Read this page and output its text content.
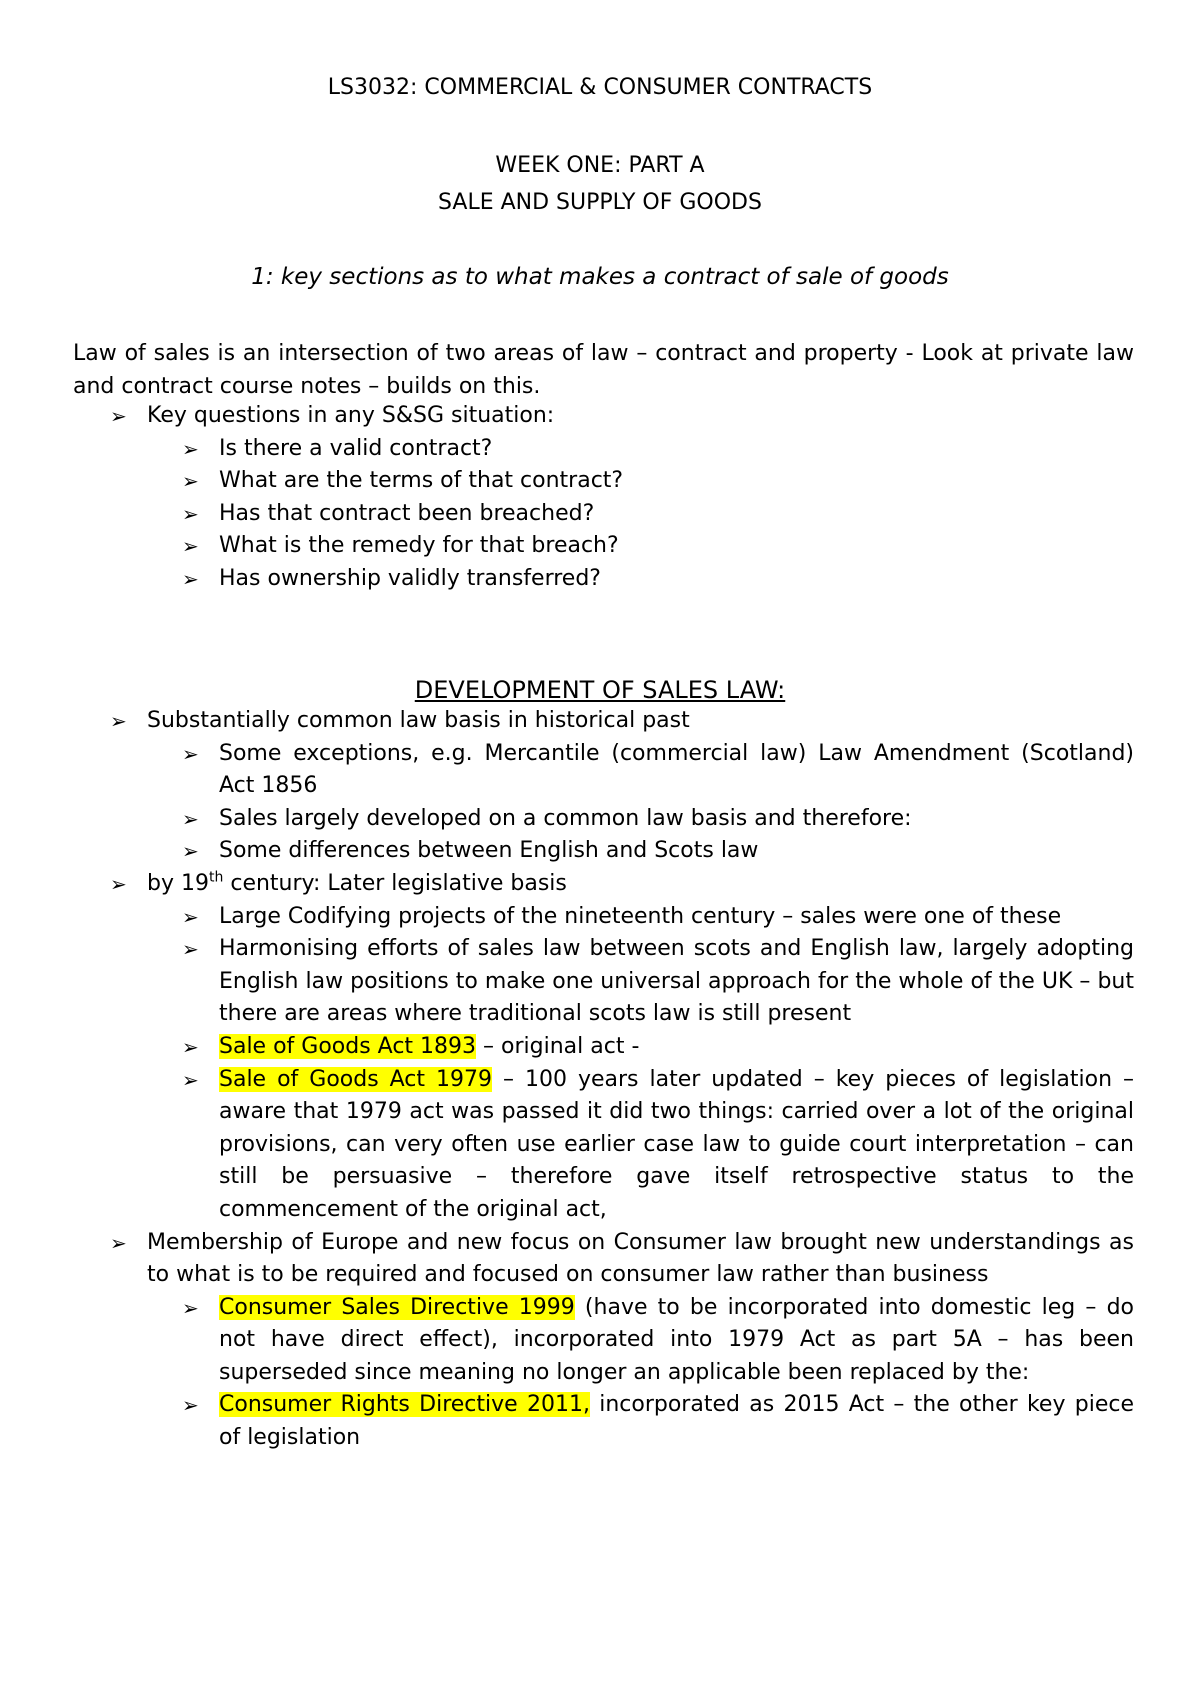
LS3032: COMMERCIAL & CONSUMER CONTRACTS
WEEK ONE: PART A
SALE AND SUPPLY OF GOODS
1: key sections as to what makes a contract of sale of goods
Law of sales is an intersection of two areas of law – contract and property - Look at private law and contract course notes – builds on this.
➢ Key questions in any S&SG situation:
➢ Is there a valid contract?
➢ What are the terms of that contract?
➢ Has that contract been breached?
➢ What is the remedy for that breach?
➢ Has ownership validly transferred?
DEVELOPMENT OF SALES LAW:
➢ Substantially common law basis in historical past
➢ Some exceptions, e.g. Mercantile (commercial law) Law Amendment (Scotland) Act 1856
➢ Sales largely developed on a common law basis and therefore:
➢ Some differences between English and Scots law
➢ by 19th century: Later legislative basis
➢ Large Codifying projects of the nineteenth century – sales were one of these
➢ Harmonising efforts of sales law between scots and English law, largely adopting English law positions to make one universal approach for the whole of the UK – but there are areas where traditional scots law is still present
➢ Sale of Goods Act 1893 – original act -
➢ Sale of Goods Act 1979 – 100 years later updated – key pieces of legislation – aware that 1979 act was passed it did two things: carried over a lot of the original provisions, can very often use earlier case law to guide court interpretation – can still be persuasive – therefore gave itself retrospective status to the commencement of the original act,
➢ Membership of Europe and new focus on Consumer law brought new understandings as to what is to be required and focused on consumer law rather than business
➢ Consumer Sales Directive 1999 (have to be incorporated into domestic leg – do not have direct effect), incorporated into 1979 Act as part 5A – has been superseded since meaning no longer an applicable been replaced by the:
➢ Consumer Rights Directive 2011, incorporated as 2015 Act – the other key piece of legislation
